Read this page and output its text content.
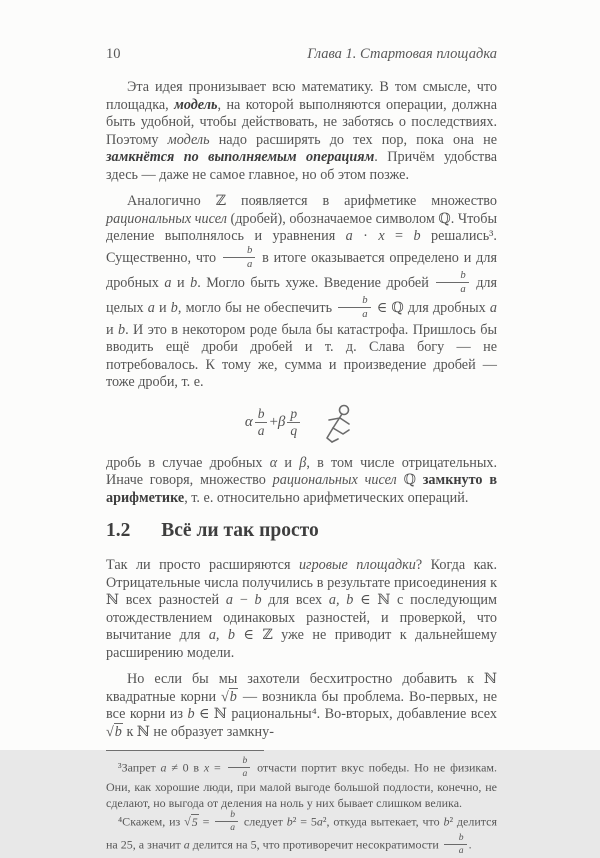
10	Глава 1. Стартовая площадка

Эта идея пронизывает всю математику. В том смысле, что площадка, модель, на которой выполняются операции, должна быть удобной, чтобы действовать, не заботясь о последствиях. Поэтому модель надо расширять до тех пор, пока она не замкнётся по выполняемым операциям. Причём удобства здесь — даже не самое главное, но об этом позже.

Аналогично ℤ появляется в арифметике множество рациональных чисел (дробей), обозначаемое символом ℚ. Чтобы деление выполнялось и уравнения a · x = b решались³. Существенно, что $\frac{b}{a}$ в итоге оказывается определено и для дробных a и b. Могло быть хуже. Введение дробей $\frac{b}{a}$ для целых a и b, могло бы не обеспечить $\frac{b}{a}$ ∈ ℚ для дробных a и b. И это в некотором роде была бы катастрофа. Пришлось бы вводить ещё дроби дробей и т. д. Слава богу — не потребовалось. К тому же, сумма и произведение дробей — тоже дроби, т. е.

α $\frac{b}{a} + \beta \frac{p}{q}$

дробь в случае дробных α и β, в том числе отрицательных. Иначе говоря, множество рациональных чисел ℚ замкнуто в арифметике, т. е. относительно арифметических операций.

1.2 Всё ли так просто

Так ли просто расширяются игровые площадки? Когда как. Отрицательные числа получились в результате присоединения к ℕ всех разностей a − b для всех a, b ∈ ℕ с последующим отождествлением одинаковых разностей, и проверкой, что вычитание для a, b ∈ ℤ уже не приводит к дальнейшему расширению модели.

Но если бы мы захотели бесхитростно добавить к ℕ квадратные корни √b — возникла бы проблема. Во-первых, не все корни из b ∈ ℕ рациональны⁴. Во-вторых, добавление всех √b к ℕ не образует замкну-

³Запрет a ≠ 0 в $x = \frac{b}{a}$ отчасти портит вкус победы. Но не физикам. Они, как хорошие люди, при малой выгоде большой подлости, конечно, не сделают, но выгода от деления на ноль у них бывает слишком велика.

⁴Скажем, из $√5 = \frac{b}{a}$ следует b² = 5a², откуда вытекает, что b² делится на 25, а значит a делится на 5, что противоречит несократимости $\frac{b}{a}$ .
